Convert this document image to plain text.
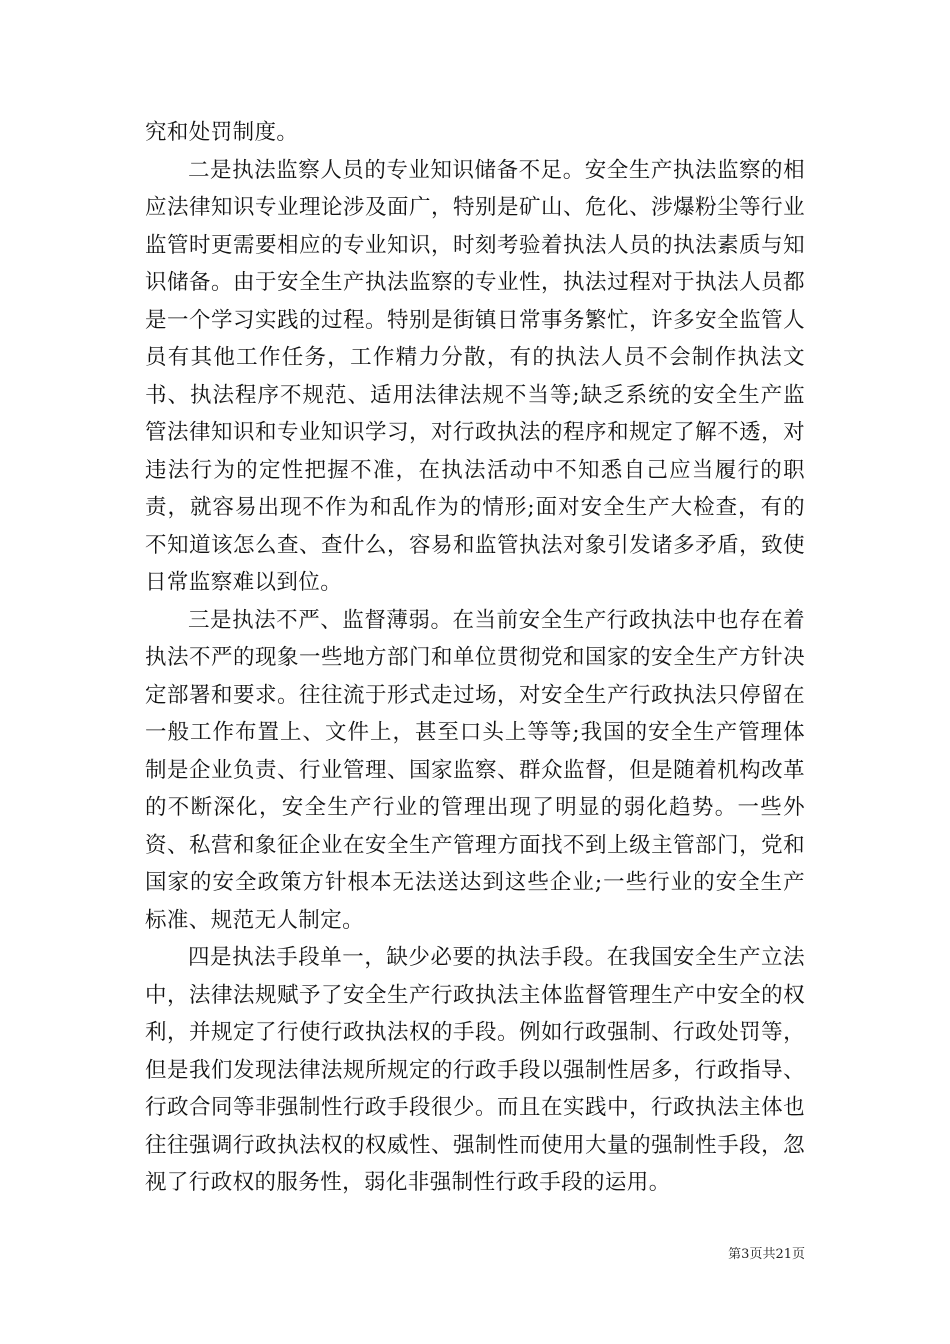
究和处罚制度。

二是执法监察人员的专业知识储备不足。安全生产执法监察的相应法律知识专业理论涉及面广，特别是矿山、危化、涉爆粉尘等行业监管时更需要相应的专业知识，时刻考验着执法人员的执法素质与知识储备。由于安全生产执法监察的专业性，执法过程对于执法人员都是一个学习实践的过程。特别是街镇日常事务繁忙，许多安全监管人员有其他工作任务，工作精力分散，有的执法人员不会制作执法文书、执法程序不规范、适用法律法规不当等;缺乏系统的安全生产监管法律知识和专业知识学习，对行政执法的程序和规定了解不透，对违法行为的定性把握不准，在执法活动中不知悉自己应当履行的职责，就容易出现不作为和乱作为的情形;面对安全生产大检查，有的不知道该怎么查、查什么，容易和监管执法对象引发诸多矛盾，致使日常监察难以到位。

三是执法不严、监督薄弱。在当前安全生产行政执法中也存在着执法不严的现象一些地方部门和单位贯彻党和国家的安全生产方针决定部署和要求。往往流于形式走过场，对安全生产行政执法只停留在一般工作布置上、文件上，甚至口头上等等;我国的安全生产管理体制是企业负责、行业管理、国家监察、群众监督，但是随着机构改革的不断深化，安全生产行业的管理出现了明显的弱化趋势。一些外资、私营和象征企业在安全生产管理方面找不到上级主管部门，党和国家的安全政策方针根本无法送达到这些企业;一些行业的安全生产标准、规范无人制定。

四是执法手段单一，缺少必要的执法手段。在我国安全生产立法中，法律法规赋予了安全生产行政执法主体监督管理生产中安全的权利，并规定了行使行政执法权的手段。例如行政强制、行政处罚等，但是我们发现法律法规所规定的行政手段以强制性居多，行政指导、行政合同等非强制性行政手段很少。而且在实践中，行政执法主体也往往强调行政执法权的权威性、强制性而使用大量的强制性手段，忽视了行政权的服务性，弱化非强制性行政手段的运用。

第3页共21页
